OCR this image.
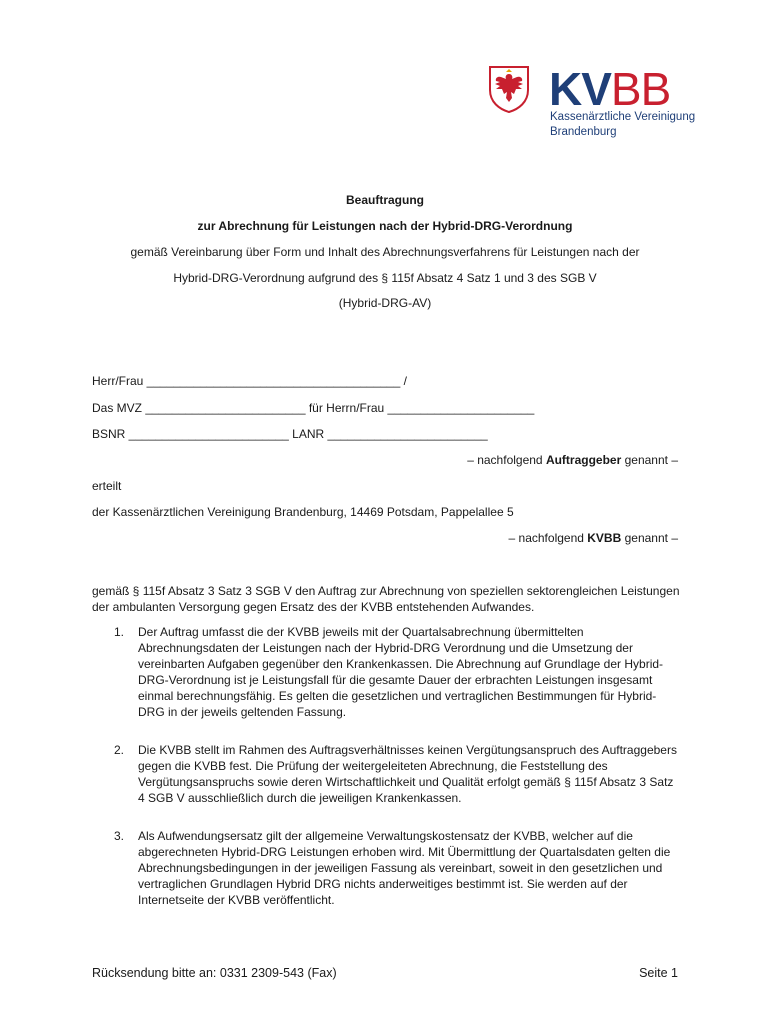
KVBB
Kassenärztliche Vereinigung
Brandenburg
Beauftragung
zur Abrechnung für Leistungen nach der Hybrid-DRG-Verordnung
gemäß Vereinbarung über Form und Inhalt des Abrechnungsverfahrens für Leistungen nach der
Hybrid-DRG-Verordnung aufgrund des § 115f Absatz 4 Satz 1 und 3 des SGB V
(Hybrid-DRG-AV)
Herr/Frau ______________________________________ /
Das MVZ ________________________ für Herrn/Frau ______________________
BSNR ________________________ LANR ________________________
– nachfolgend Auftraggeber genannt –
erteilt
der Kassenärztlichen Vereinigung Brandenburg, 14469 Potsdam, Pappelallee 5
– nachfolgend KVBB genannt –
gemäß § 115f Absatz 3 Satz 3 SGB V den Auftrag zur Abrechnung von speziellen sektorengleichen Leistungen der ambulanten Versorgung gegen Ersatz des der KVBB entstehenden Aufwandes.
1. Der Auftrag umfasst die der KVBB jeweils mit der Quartalsabrechnung übermittelten Abrechnungsdaten der Leistungen nach der Hybrid-DRG Verordnung und die Umsetzung der vereinbarten Aufgaben gegenüber den Krankenkassen. Die Abrechnung auf Grundlage der Hybrid-DRG-Verordnung ist je Leistungsfall für die gesamte Dauer der erbrachten Leistungen insgesamt einmal berechnungsfähig. Es gelten die gesetzlichen und vertraglichen Bestimmungen für Hybrid-DRG in der jeweils geltenden Fassung.
2. Die KVBB stellt im Rahmen des Auftragsverhältnisses keinen Vergütungsanspruch des Auftraggebers gegen die KVBB fest. Die Prüfung der weitergeleiteten Abrechnung, die Feststellung des Vergütungsanspruchs sowie deren Wirtschaftlichkeit und Qualität erfolgt gemäß § 115f Absatz 3 Satz 4 SGB V ausschließlich durch die jeweiligen Krankenkassen.
3. Als Aufwendungsersatz gilt der allgemeine Verwaltungskostensatz der KVBB, welcher auf die abgerechneten Hybrid-DRG Leistungen erhoben wird. Mit Übermittlung der Quartalsdaten gelten die Abrechnungsbedingungen in der jeweiligen Fassung als vereinbart, soweit in den gesetzlichen und vertraglichen Grundlagen Hybrid DRG nichts anderweitiges bestimmt ist. Sie werden auf der Internetseite der KVBB veröffentlicht.
Rücksendung bitte an: 0331 2309-543 (Fax)	Seite 1
